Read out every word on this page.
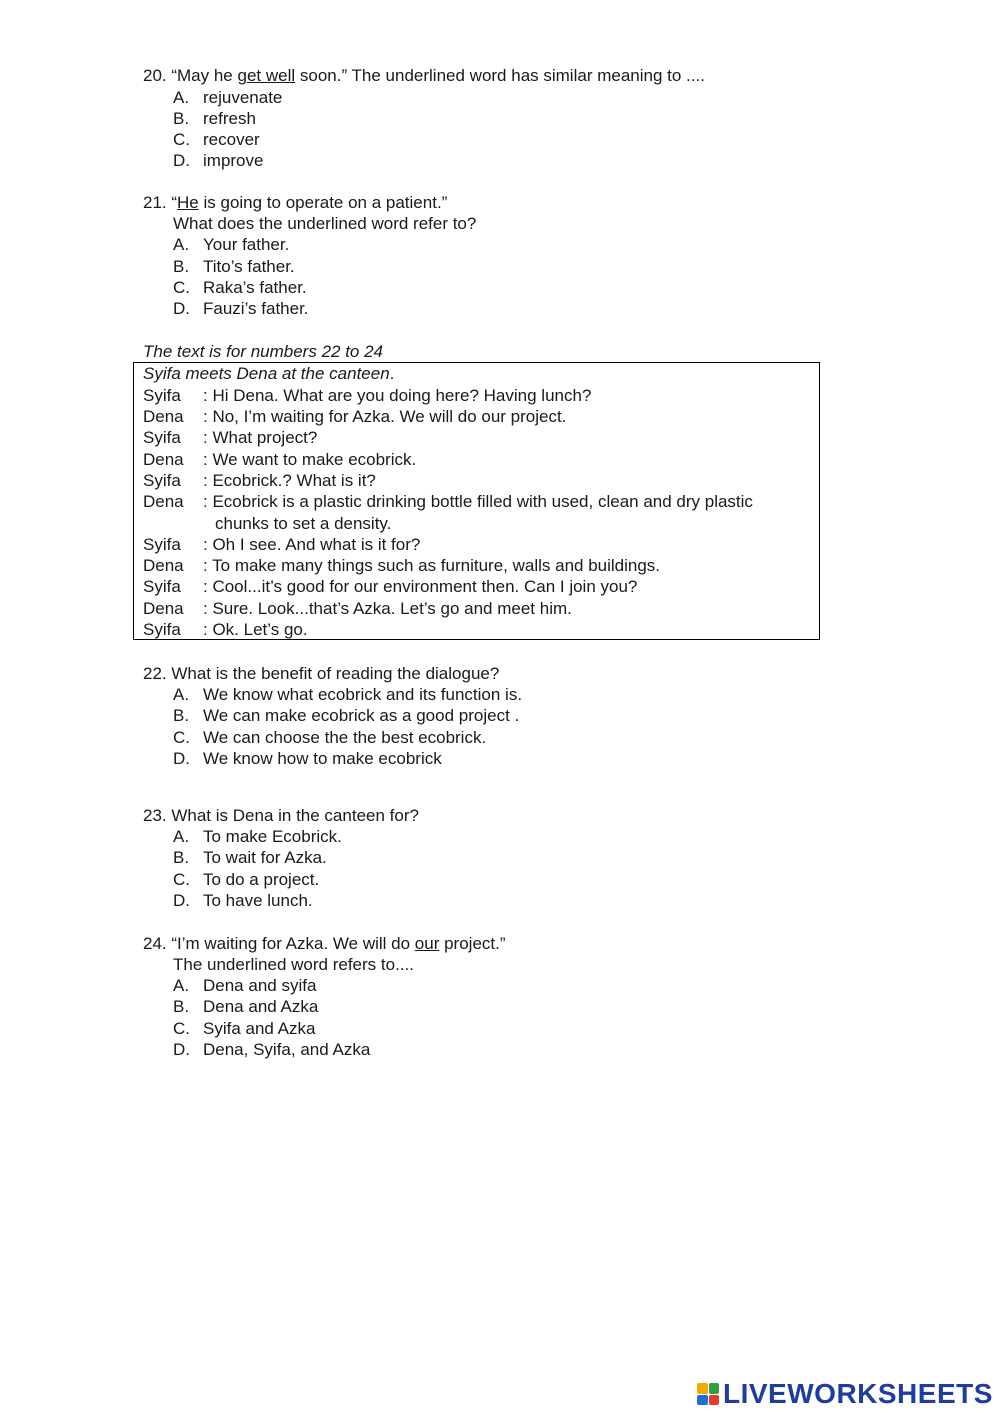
20. “May he get well soon.” The underlined word has similar meaning to ....
A. rejuvenate
B. refresh
C. recover
D. improve
21. “He is going to operate on a patient.”
What does the underlined word refer to?
A. Your father.
B. Tito’s father.
C. Raka’s father.
D. Fauzi’s father.
The text is for numbers 22 to 24
Syifa meets Dena at the canteen.
Syifa : Hi Dena. What are you doing here? Having lunch?
Dena : No, I’m waiting for Azka. We will do our project.
Syifa : What project?
Dena : We want to make ecobrick.
Syifa : Ecobrick.? What is it?
Dena : Ecobrick is a plastic drinking bottle filled with used, clean and dry plastic
chunks to set a density.
Syifa : Oh I see. And what is it for?
Dena : To make many things such as furniture, walls and buildings.
Syifa : Cool...it’s good for our environment then. Can I join you?
Dena : Sure. Look...that’s Azka. Let’s go and meet him.
Syifa : Ok. Let’s go.
22. What is the benefit of reading the dialogue?
A. We know what ecobrick and its function is.
B. We can make ecobrick as a good project .
C. We can choose the the best ecobrick.
D. We know how to make ecobrick
23. What is Dena in the canteen for?
A. To make Ecobrick.
B. To wait for Azka.
C. To do a project.
D. To have lunch.
24. “I’m waiting for Azka. We will do our project.”
The underlined word refers to....
A. Dena and syifa
B. Dena and Azka
C. Syifa and Azka
D. Dena, Syifa, and Azka
LIVEWORKSHEETS
